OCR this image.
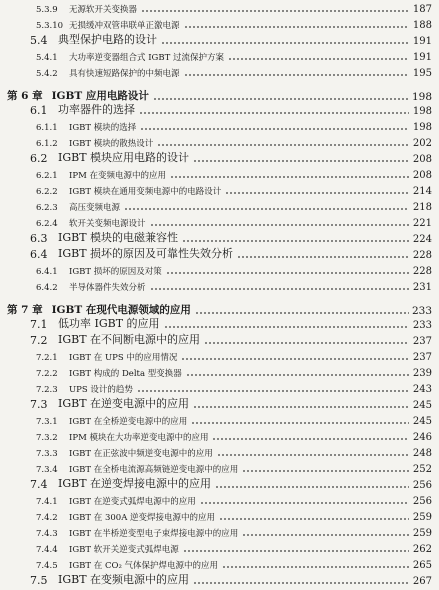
5.3.9	无源软开关变换器	187
5.3.10 无损缓冲双管串联单正激电源	188
5.4 典型保护电路的设计	191
5.4.1	大功率逆变器组合式 IGBT 过流保护方案	191
5.4.2	具有快速短路保护的中频电源	195
第 6 章 IGBT 应用电路设计	198
6.1 功率器件的选择	198
6.1.1	IGBT 模块的选择	198
6.1.2	IGBT 模块的散热设计	202
6.2 IGBT 模块应用电路的设计	208
6.2.1	IPM 在变频电源中的应用	208
6.2.2	IGBT 模块在通用变频电源中的电路设计	214
6.2.3	高压变频电源	218
6.2.4	软开关变频电源设计	221
6.3 IGBT 模块的电磁兼容性	224
6.4 IGBT 损坏的原因及可靠性失效分析	228
6.4.1	IGBT 损坏的原因及对策	228
6.4.2	半导体器件失效分析	231
第 7 章 IGBT 在现代电源领域的应用	233
7.1 低功率 IGBT 的应用	233
7.2 IGBT 在不间断电源中的应用	237
7.2.1	IGBT 在 UPS 中的应用情况	237
7.2.2	IGBT 构成的 Delta 型变换器	239
7.2.3	UPS 设计的趋势	243
7.3 IGBT 在逆变电源中的应用	245
7.3.1	IGBT 在全桥逆变电源中的应用	245
7.3.2	IPM 模块在大功率逆变电源中的应用	246
7.3.3	IGBT 在正弦波中频逆变电源中的应用	248
7.3.4	IGBT 在全桥电流源高频链逆变电源中的应用	252
7.4 IGBT 在逆变焊接电源中的应用	256
7.4.1	IGBT 在逆变式弧焊电源中的应用	256
7.4.2	IGBT 在 300A 逆变焊接电源中的应用	259
7.4.3	IGBT 在半桥逆变型电子束焊接电源中的应用	259
7.4.4	IGBT 软开关逆变式弧焊电源	262
7.4.5	IGBT 在 CO₂ 气体保护焊电源中的应用	265
7.5 IGBT 在变频电源中的应用	267
